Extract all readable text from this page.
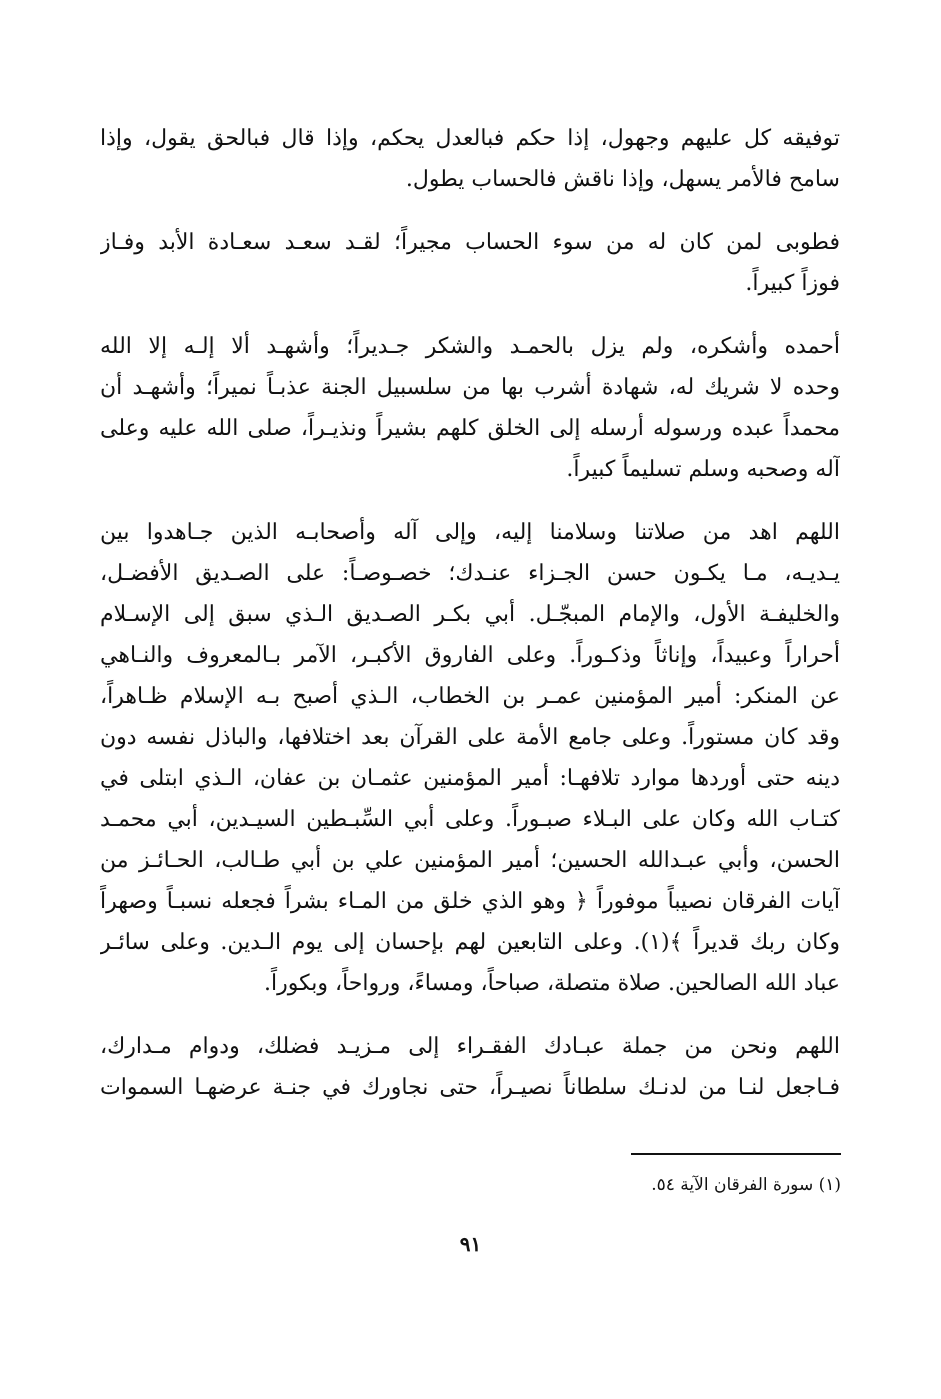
توفيقه كل عليهم وجهول، إذا حكم فبالعدل يحكم، وإذا قال فبالحق يقول، وإذا
سامح فالأمر يسهل، وإذا ناقش فالحساب يطول.

فطوبى لمن كان له من سوء الحساب مجيراً؛ لقـد سعـد سعـادة الأبد وفـاز
فوزاً كبيراً.

أحمده وأشكره، ولم يزل بالحمـد والشكر جـديراً؛ وأشهـد ألا إلـه إلا الله
وحده لا شريك له، شهادة أشرب بها من سلسبيل الجنة عذبـاً نميراً؛ وأشهـد أن
محمداً عبده ورسوله أرسله إلى الخلق كلهم بشيراً ونذيـراً، صلى الله عليه وعلى
آله وصحبه وسلم تسليماً كبيراً.

اللهم اهد من صلاتنا وسلامنا إليه، وإلى آله وأصحابـه الذين جـاهدوا بين
يـديـه، مـا يكـون حسن الجـزاء عنـدك؛ خصـوصـاً: على الصـديق الأفضـل،
والخليفـة الأول، والإمام المبجّـل. أبي بكـر الصـديق الـذي سبق إلى الإسـلام
أحراراً وعبيداً، وإناثاً وذكـوراً. وعلى الفاروق الأكبـر، الآمر بـالمعروف والنـاهي
عن المنكر: أمير المؤمنين عمـر بن الخطاب، الـذي أصبح بـه الإسلام ظـاهراً،
وقد كان مستوراً. وعلى جامع الأمة على القرآن بعد اختلافها، والباذل نفسه دون
دينه حتى أوردها موارد تلافهـا: أمير المؤمنين عثمـان بن عفان، الـذي ابتلى في
كتـاب الله وكان على البـلاء صبـوراً. وعلى أبي السِّبـطين السيـدين، أبي محمـد
الحسن، وأبي عبـدالله الحسين؛ أمير المؤمنين علي بن أبي طـالب، الحـائـز من
آيات الفرقان نصيباً موفوراً ﴿ وهو الذي خلق من المـاء بشراً فجعله نسبـاً وصهراً
وكان ربك قديراً ﴾(١). وعلى التابعين لهم بإحسان إلى يوم الـدين. وعلى سائـر
عباد الله الصالحين. صلاة متصلة، صباحاً، ومساءً، ورواحاً، وبكوراً.

اللهم ونحن من جملة عبـادك الفقـراء إلى مـزيـد فضلك، ودوام مـدارك،
فـاجعل لنـا من لدنـك سلطاناً نصيـراً، حتى نجاورك في جنـة عرضهـا السموات

(١) سورة الفرقان الآية ٥٤.
٩١
